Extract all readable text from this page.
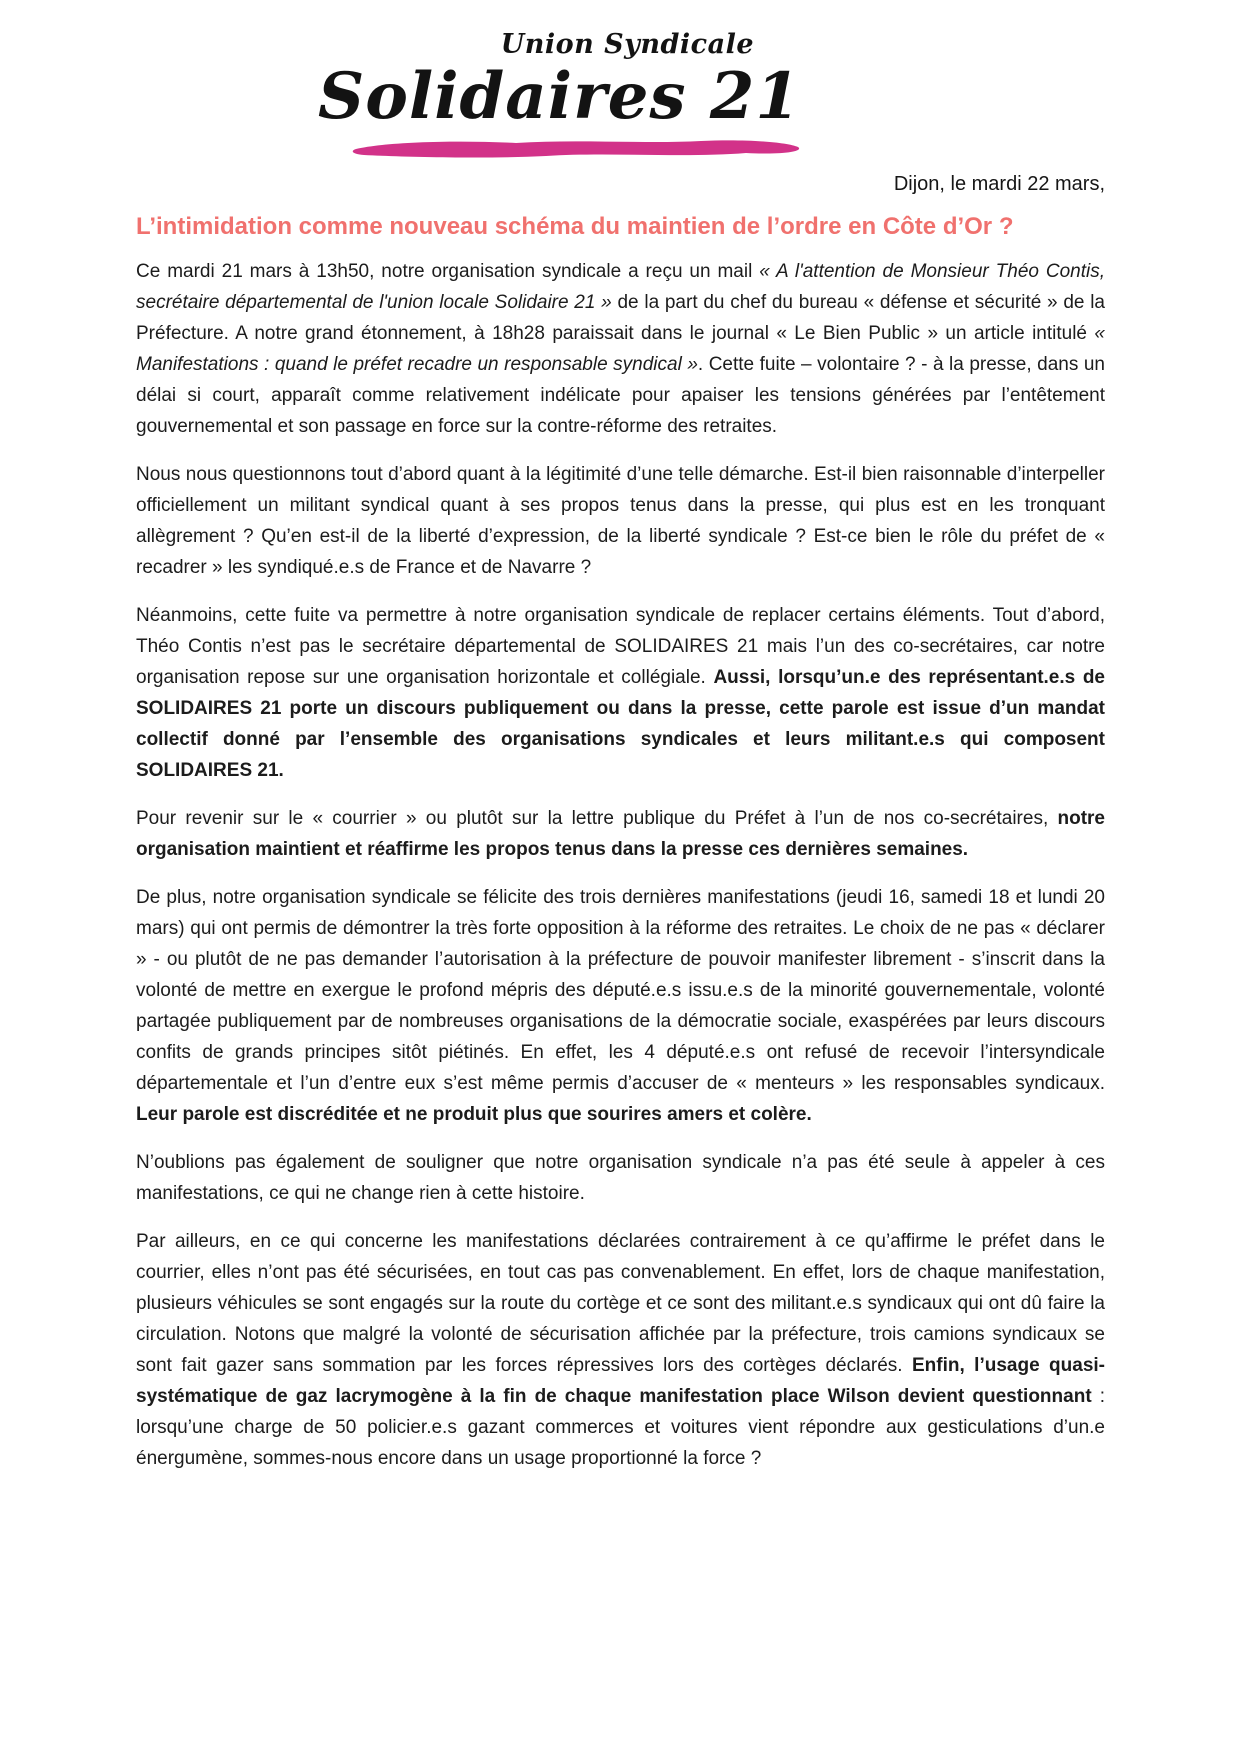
Union Syndicale
Solidaires 21
Dijon, le mardi 22 mars,
L’intimidation comme nouveau schéma du maintien de l’ordre en Côte d’Or ?

Ce mardi 21 mars à 13h50, notre organisation syndicale a reçu un mail « A l'attention de Monsieur Théo Contis, secrétaire départemental de l'union locale Solidaire 21 » de la part du chef du bureau « défense et sécurité » de la Préfecture. A notre grand étonnement, à 18h28 paraissait dans le journal « Le Bien Public » un article intitulé « Manifestations : quand le préfet recadre un responsable syndical ». Cette fuite – volontaire ? - à la presse, dans un délai si court, apparaît comme relativement indélicate pour apaiser les tensions générées par l’entêtement gouvernemental et son passage en force sur la contre-réforme des retraites.

Nous nous questionnons tout d’abord quant à la légitimité d’une telle démarche. Est-il bien raisonnable d’interpeller officiellement un militant syndical quant à ses propos tenus dans la presse, qui plus est en les tronquant allègrement ? Qu’en est-il de la liberté d’expression, de la liberté syndicale ? Est-ce bien le rôle du préfet de « recadrer » les syndiqué.e.s de France et de Navarre ?

Néanmoins, cette fuite va permettre à notre organisation syndicale de replacer certains éléments. Tout d’abord, Théo Contis n’est pas le secrétaire départemental de SOLIDAIRES 21 mais l’un des co-secrétaires, car notre organisation repose sur une organisation horizontale et collégiale. Aussi, lorsqu’un.e des représentant.e.s de SOLIDAIRES 21 porte un discours publiquement ou dans la presse, cette parole est issue d’un mandat collectif donné par l’ensemble des organisations syndicales et leurs militant.e.s qui composent SOLIDAIRES 21.

Pour revenir sur le « courrier » ou plutôt sur la lettre publique du Préfet à l’un de nos co-secrétaires, notre organisation maintient et réaffirme les propos tenus dans la presse ces dernières semaines.

De plus, notre organisation syndicale se félicite des trois dernières manifestations (jeudi 16, samedi 18 et lundi 20 mars) qui ont permis de démontrer la très forte opposition à la réforme des retraites. Le choix de ne pas « déclarer » - ou plutôt de ne pas demander l’autorisation à la préfecture de pouvoir manifester librement - s’inscrit dans la volonté de mettre en exergue le profond mépris des député.e.s issu.e.s de la minorité gouvernementale, volonté partagée publiquement par de nombreuses organisations de la démocratie sociale, exaspérées par leurs discours confits de grands principes sitôt piétinés. En effet, les 4 député.e.s ont refusé de recevoir l’intersyndicale départementale et l’un d’entre eux s’est même permis d’accuser de « menteurs » les responsables syndicaux. Leur parole est discréditée et ne produit plus que sourires amers et colère.

N’oublions pas également de souligner que notre organisation syndicale n’a pas été seule à appeler à ces manifestations, ce qui ne change rien à cette histoire.

Par ailleurs, en ce qui concerne les manifestations déclarées contrairement à ce qu’affirme le préfet dans le courrier, elles n’ont pas été sécurisées, en tout cas pas convenablement. En effet, lors de chaque manifestation, plusieurs véhicules se sont engagés sur la route du cortège et ce sont des militant.e.s syndicaux qui ont dû faire la circulation. Notons que malgré la volonté de sécurisation affichée par la préfecture, trois camions syndicaux se sont fait gazer sans sommation par les forces répressives lors des cortèges déclarés. Enfin, l’usage quasi-systématique de gaz lacrymogène à la fin de chaque manifestation place Wilson devient questionnant : lorsqu’une charge de 50 policier.e.s gazant commerces et voitures vient répondre aux gesticulations d’un.e énergumène, sommes-nous encore dans un usage proportionné la force ?
